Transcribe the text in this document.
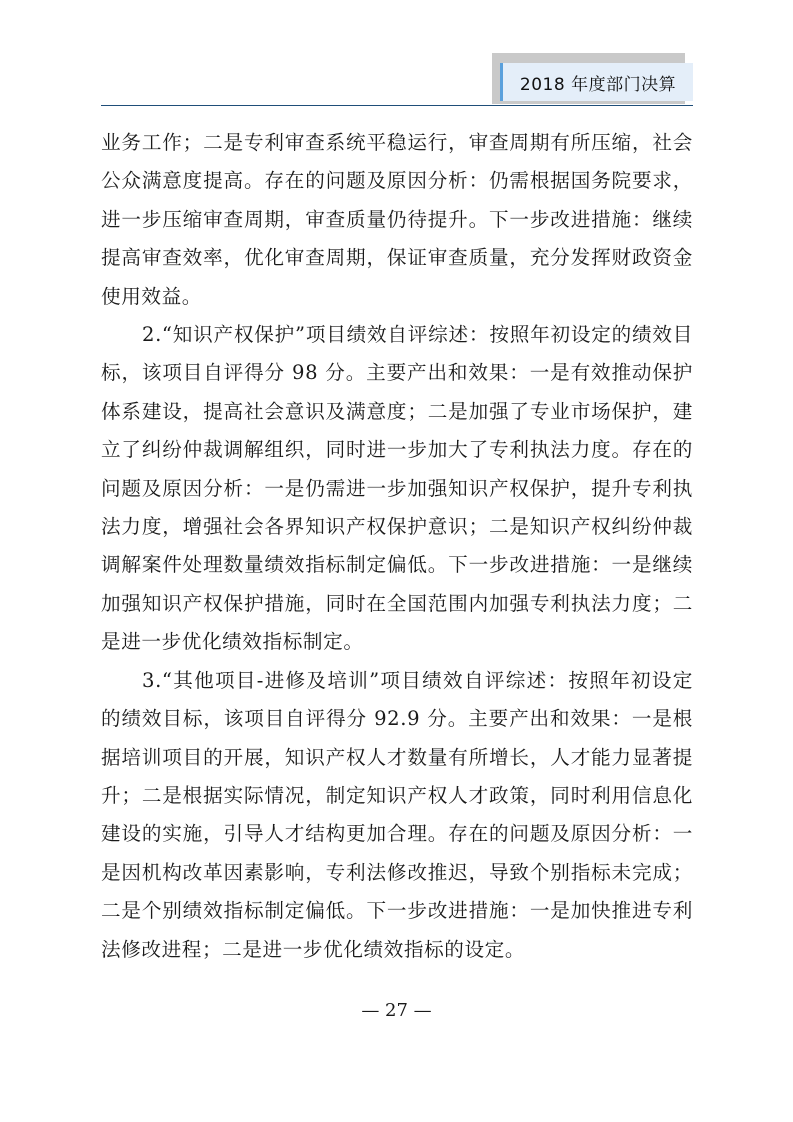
2018 年度部门决算

业务工作；二是专利审查系统平稳运行，审查周期有所压缩，社会公众满意度提高。存在的问题及原因分析：仍需根据国务院要求，进一步压缩审查周期，审查质量仍待提升。下一步改进措施：继续提高审查效率，优化审查周期，保证审查质量，充分发挥财政资金使用效益。

2.“知识产权保护”项目绩效自评综述：按照年初设定的绩效目标，该项目自评得分 98 分。主要产出和效果：一是有效推动保护体系建设，提高社会意识及满意度；二是加强了专业市场保护，建立了纠纷仲裁调解组织，同时进一步加大了专利执法力度。存在的问题及原因分析：一是仍需进一步加强知识产权保护，提升专利执法力度，增强社会各界知识产权保护意识；二是知识产权纠纷仲裁调解案件处理数量绩效指标制定偏低。下一步改进措施：一是继续加强知识产权保护措施，同时在全国范围内加强专利执法力度；二是进一步优化绩效指标制定。

3.“其他项目-进修及培训”项目绩效自评综述：按照年初设定的绩效目标，该项目自评得分 92.9 分。主要产出和效果：一是根据培训项目的开展，知识产权人才数量有所增长，人才能力显著提升；二是根据实际情况，制定知识产权人才政策，同时利用信息化建设的实施，引导人才结构更加合理。存在的问题及原因分析：一是因机构改革因素影响，专利法修改推迟，导致个别指标未完成；二是个别绩效指标制定偏低。下一步改进措施：一是加快推进专利法修改进程；二是进一步优化绩效指标的设定。

— 27 —
